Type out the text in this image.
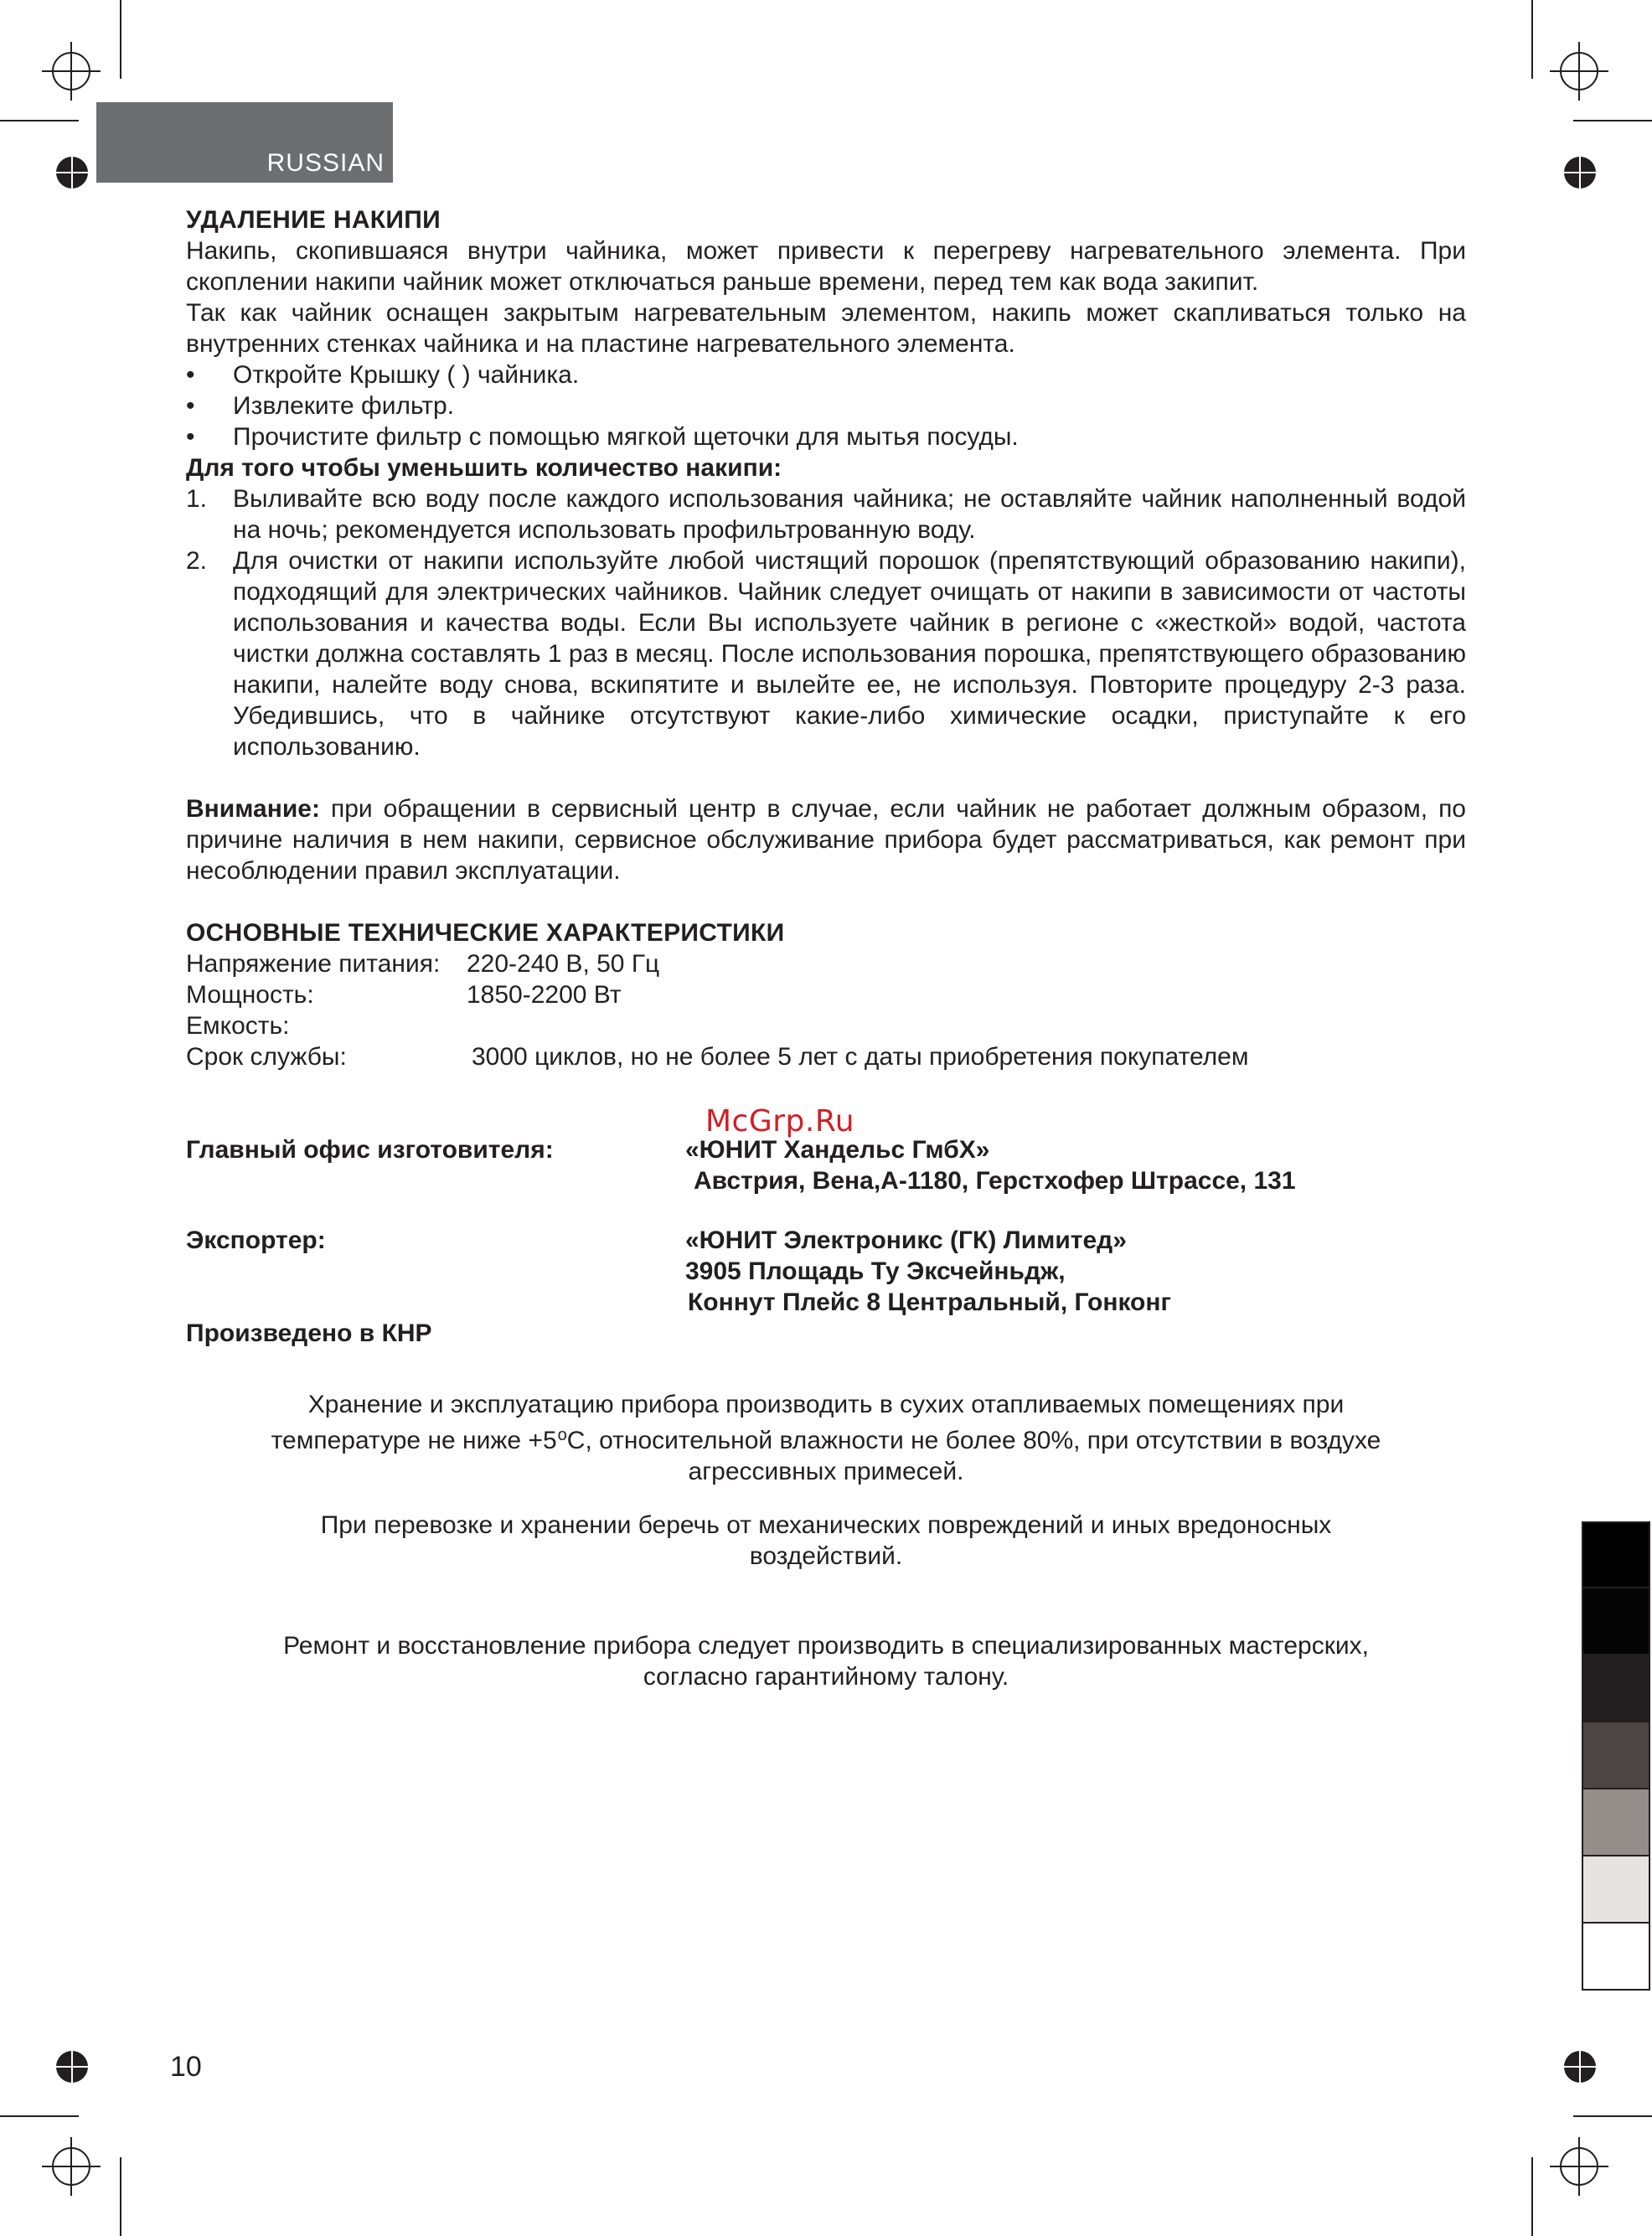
RUSSIAN

УДАЛЕНИЕ НАКИПИ

Накипь, скопившаяся внутри чайника, может привести к перегреву нагревательного элемента. При скоплении накипи чайник может отключаться раньше времени, перед тем как вода закипит.

Так как чайник оснащен закрытым нагревательным элементом, накипь может скапливаться только на внутренних стенках чайника и на пластине нагревательного элемента.

• Откройте Крышку ( ) чайника.

• Извлеките фильтр.

• Прочистите фильтр с помощью мягкой щеточки для мытья посуды.

Для того чтобы уменьшить количество накипи:

1. Выливайте всю воду после каждого использования чайника; не оставляйте чайник наполненный водой на ночь; рекомендуется использовать профильтрованную воду.

2. Для очистки от накипи используйте любой чистящий порошок (препятствующий образованию накипи), подходящий для электрических чайников. Чайник следует очищать от накипи в зависимости от частоты использования и качества воды. Если Вы используете чайник в регионе с «жесткой» водой, частота чистки должна составлять 1 раз в месяц. После использования порошка, препятствующего образованию накипи, налейте воду снова, вскипятите и вылейте ее, не используя. Повторите процедуру 2-3 раза. Убедившись, что в чайнике отсутствуют какие-либо химические осадки, приступайте к его использованию.

Внимание: при обращении в сервисный центр в случае, если чайник не работает должным образом, по причине наличия в нем накипи, сервисное обслуживание прибора будет рассматриваться, как ремонт при несоблюдении правил эксплуатации.

ОСНОВНЫЕ ТЕХНИЧЕСКИЕ ХАРАКТЕРИСТИКИ

Напряжение питания:	220-240 В, 50 Гц
Мощность:	1850-2200 Вт
Емкость:
Срок службы:	3000 циклов, но не более 5 лет с даты приобретения покупателем
Главный офис изготовителя:	«ЮНИТ Хандельс ГмбХ»
Австрия, Вена,А-1180, Герстхофер Штрассе, 131
Экспортер:	«ЮНИТ Электроникс (ГК) Лимитед»
3905 Площадь Ту Эксчейньдж,
Коннут Плейс 8 Центральный, Гонконг
Произведено в КНР
McGrp.Ru

Хранение и эксплуатацию прибора производить в сухих отапливаемых помещениях при

температуре не ниже $+5^oС$, относительной влажности не более 80%, при отсутствии в воздухе

агрессивных примесей.

При перевозке и хранении беречь от механических повреждений и иных вредоносных

воздействий.

Ремонт и восстановление прибора следует производить в специализированных мастерских,

согласно гарантийному талону.

10
